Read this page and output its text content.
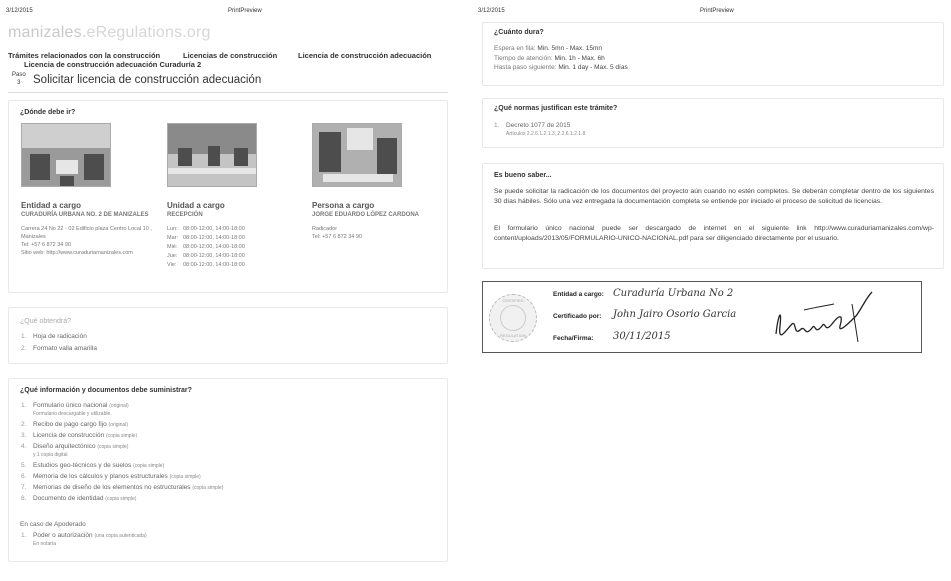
3/12/2015	PrintPreview
manizales.eRegulations.org
Trámites relacionados con la construcción	Licencias de construcción	Licencia de construcción adecuación
Licencia de construcción adecuación Curaduría 2
Paso
3	Solicitar licencia de construcción adecuación
¿Dónde debe ir?
Entidad a cargo
CURADURÍA URBANA NO. 2 DE MANIZALES
Carrera 24 No 22 - 02 Edificio plaza Centro Local 10 , Manizales
Tel: +57 6 872 34 90
Sitio web: http://www.curaduriamanizales.com
Unidad a cargo
RECEPCIÓN
Lun: 08:00-12:00, 14:00-18:00
Mar: 08:00-12:00, 14:00-18:00
Mié: 08:00-12:00, 14:00-18:00
Jue: 08:00-12:00, 14:00-18:00
Vie: 08:00-12:00, 14:00-18:00
Persona a cargo
JORGE EDUARDO LÓPEZ CARDONA
Radicador
Tel: +57 6 872 34 90
¿Qué obtendrá?
1. Hoja de radicación
2. Formato valla amarilla
¿Qué información y documentos debe suministrar?
1. Formulario único nacional (original)
Formulario descargable y utilizable.
2. Recibo de pago cargo fijo (original)
3. Licencia de construcción (copia simple)
4. Diseño arquitectónico (copia simple)
y 1 copia digital
5. Estudios geo-técnicos y de suelos (copia simple)
6. Memoria de los cálculos y planos estructurales (copia simple)
7. Memorias de diseño de los elementos no estructurales (copia simple)
8. Documento de identidad (copia simple)
En caso de Apoderado
1. Poder o autorización (una copia autenticada)
En notaría
3/12/2015	PrintPreview
¿Cuánto dura?
Espera en fila: Min. 5mn - Max. 15mn
Tiempo de atención: Min. 1h - Max. 6h
Hasta paso siguiente: Min. 1 day - Max. 5 días
¿Qué normas justifican este trámite?
1. Decreto 1077 de 2015
Artículos 2.2.6.1.2.1.3; 2.2.6.1.2.1.8
Es bueno saber...
Se puede solicitar la radicación de los documentos del proyecto aún cuando no estén completos. Se deberán completar dentro de los siguientes 30 días hábiles. Sólo una vez entregada la documentación completa se entiende por iniciado el proceso de solicitud de licencias.
El formulario único nacional puede ser descargado de internet en el siguiente link http://www.curaduriamanizales.com/wp-content/uploads/2013/05/FORMULARIO-UNICO-NACIONAL.pdf para ser diligenciado directamente por el usuario.
CERTIFIED
REGULATION
Entidad a cargo: Curaduría Urbana No 2
Certificado por: John Jairo Osorio Garcia
Fecha/Firma: 30/11/2015
